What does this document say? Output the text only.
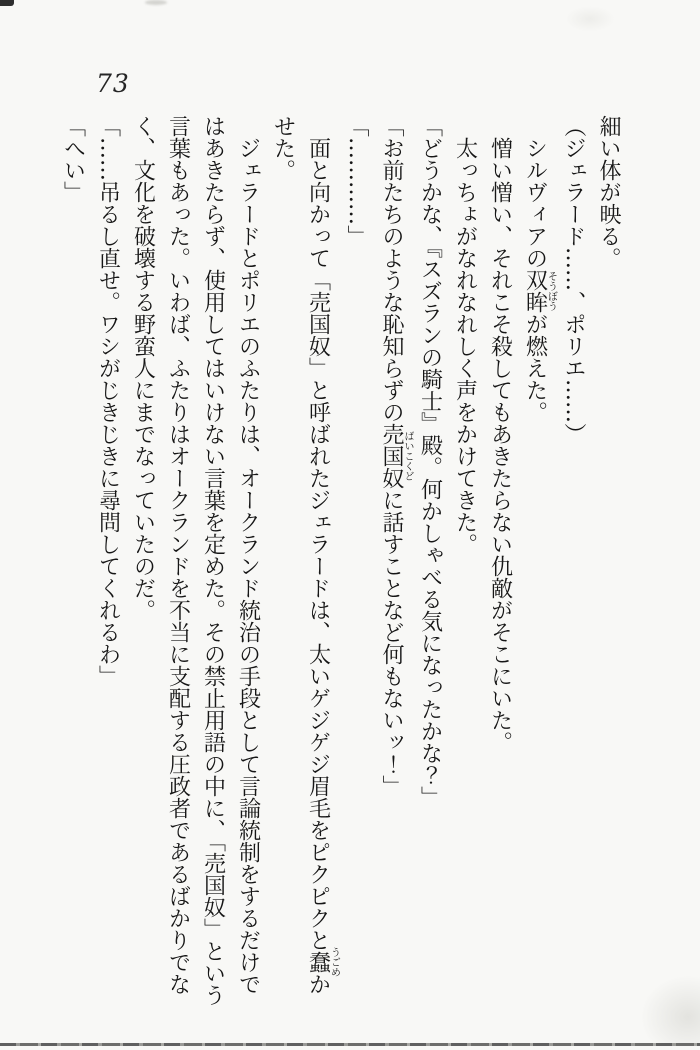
73

細い体が映る。

（ジェラード……、ポリエ……）

シルヴィアの双眸そうぼうが燃えた。

憎い憎い、それこそ殺してもあきたらない仇敵がそこにいた。

太っちょがなれなれしく声をかけてきた。

「どうかな、『スズランの騎士』殿。何かしゃべる気になったかな？」

「お前たちのような恥知らずの売国奴ばいこくどに話すことなど何もないッ！」

「…………」

面と向かって「売国奴」と呼ばれたジェラードは、太いゲジゲジ眉毛をピクピクと蠢うごめかせた。

ジェラードとポリエのふたりは、オークランド統治の手段として言論統制をするだけではあきたらず、使用してはいけない言葉を定めた。その禁止用語の中に、「売国奴」という言葉もあった。いわば、ふたりはオークランドを不当に支配する圧政者であるばかりでなく、文化を破壊する野蛮人にまでなっていたのだ。

「……吊るし直せ。ワシがじきじきに尋問してくれるわ」

「へい」
